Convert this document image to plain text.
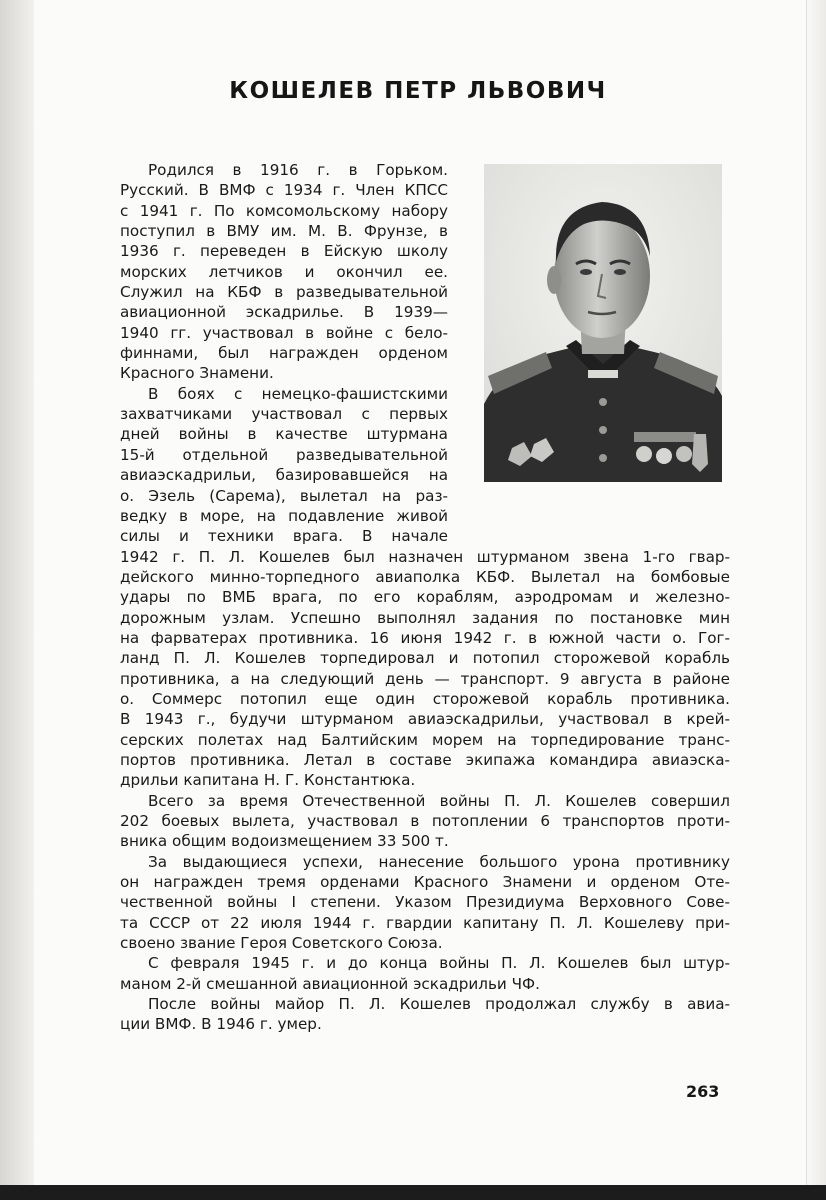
КОШЕЛЕВ ПЕТР ЛЬВОВИЧ
Родился в 1916 г. в Горьком.
Русский. В ВМФ с 1934 г. Член КПСС
с 1941 г. По комсомольскому набору
поступил в ВМУ им. М. В. Фрунзе, в
1936 г. переведен в Ейскую школу
морских летчиков и окончил ее.
Служил на КБФ в разведывательной
авиационной эскадрилье. В 1939—
1940 гг. участвовал в войне с бело-
финнами, был награжден орденом
Красного Знамени.
В боях с немецко-фашистскими
захватчиками участвовал с первых
дней войны в качестве штурмана
15-й отдельной разведывательной
авиаэскадрильи, базировавшейся на
о. Эзель (Сарема), вылетал на раз-
ведку в море, на подавление живой
силы и техники врага. В начале
1942 г. П. Л. Кошелев был назначен штурманом звена 1-го гвар-
дейского минно-торпедного авиаполка КБФ. Вылетал на бомбовые
удары по ВМБ врага, по его кораблям, аэродромам и железно-
дорожным узлам. Успешно выполнял задания по постановке мин
на фарватерах противника. 16 июня 1942 г. в южной части о. Гог-
ланд П. Л. Кошелев торпедировал и потопил сторожевой корабль
противника, а на следующий день — транспорт. 9 августа в районе
о. Соммерс потопил еще один сторожевой корабль противника.
В 1943 г., будучи штурманом авиаэскадрильи, участвовал в крей-
серских полетах над Балтийским морем на торпедирование транс-
портов противника. Летал в составе экипажа командира авиаэска-
дрильи капитана Н. Г. Константюка.
Всего за время Отечественной войны П. Л. Кошелев совершил
202 боевых вылета, участвовал в потоплении 6 транспортов проти-
вника общим водоизмещением 33 500 т.
За выдающиеся успехи, нанесение большого урона противнику
он награжден тремя орденами Красного Знамени и орденом Оте-
чественной войны I степени. Указом Президиума Верховного Сове-
та СССР от 22 июля 1944 г. гвардии капитану П. Л. Кошелеву при-
своено звание Героя Советского Союза.
С февраля 1945 г. и до конца войны П. Л. Кошелев был штур-
маном 2-й смешанной авиационной эскадрильи ЧФ.
После войны майор П. Л. Кошелев продолжал службу в авиа-
ции ВМФ. В 1946 г. умер.
263
